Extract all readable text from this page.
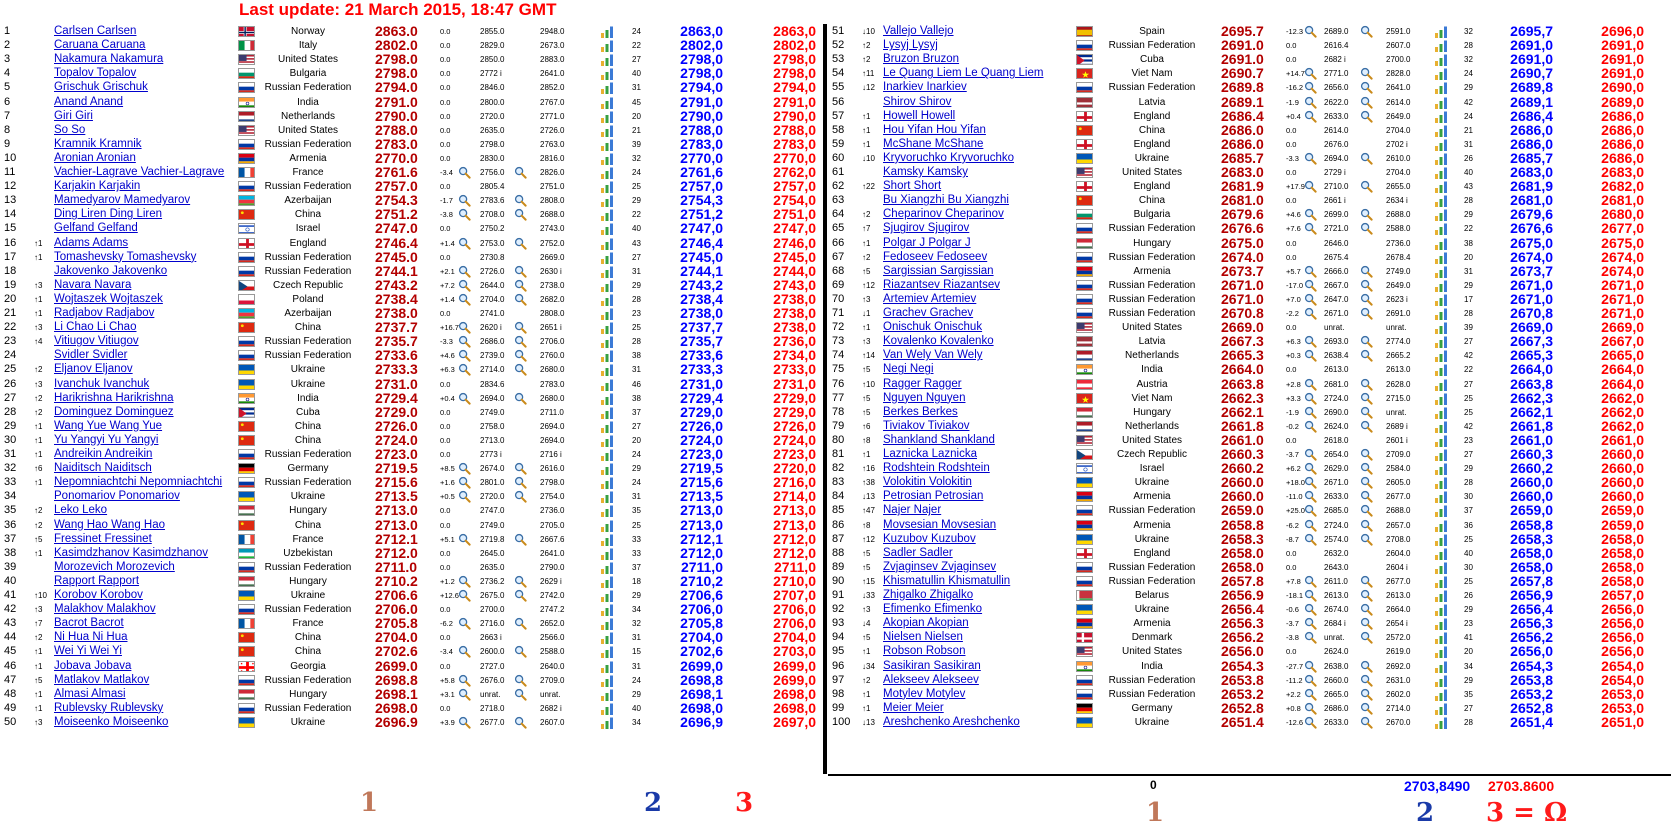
Last update: 21 March 2015, 18:47 GMT
1	Carlsen Carlsen	Norway	2863.0	0.0	2855.0	2948.0	24	2863,0	2863,0
2	Caruana Caruana	Italy	2802.0	0.0	2829.0	2673.0	22	2802,0	2802,0
3	Nakamura Nakamura	United States	2798.0	0.0	2850.0	2883.0	27	2798,0	2798,0
4	Topalov Topalov	Bulgaria	2798.0	0.0	2772 i	2641.0	40	2798,0	2798,0
5	Grischuk Grischuk	Russian Federation	2794.0	0.0	2846.0	2852.0	31	2794,0	2794,0
6	Anand Anand	India	2791.0	0.0	2800.0	2767.0	45	2791,0	2791,0
7	Giri Giri	Netherlands	2790.0	0.0	2720.0	2771.0	20	2790,0	2790,0
8	So So	United States	2788.0	0.0	2635.0	2726.0	21	2788,0	2788,0
9	Kramnik Kramnik	Russian Federation	2783.0	0.0	2798.0	2763.0	39	2783,0	2783,0
10	Aronian Aronian	Armenia	2770.0	0.0	2830.0	2816.0	32	2770,0	2770,0
11	Vachier-Lagrave Vachier-Lagrave	France	2761.6	-3.4	2756.0	2826.0	24	2761,6	2762,0
12	Karjakin Karjakin	Russian Federation	2757.0	0.0	2805.4	2751.0	25	2757,0	2757,0
13	Mamedyarov Mamedyarov	Azerbaijan	2754.3	-1.7	2783.6	2808.0	29	2754,3	2754,0
14	Ding Liren Ding Liren	China	2751.2	-3.8	2708.0	2688.0	22	2751,2	2751,0
15	Gelfand Gelfand	Israel	2747.0	0.0	2750.2	2743.0	40	2747,0	2747,0
16	↑1	Adams Adams	England	2746.4	+1.4	2753.0	2752.0	43	2746,4	2746,0
17	↑1	Tomashevsky Tomashevsky	Russian Federation	2745.0	0.0	2730.8	2669.0	27	2745,0	2745,0
18	Jakovenko Jakovenko	Russian Federation	2744.1	+2.1	2726.0	2630 i	31	2744,1	2744,0
19	↑3	Navara Navara	Czech Republic	2743.2	+7.2	2644.0	2738.0	29	2743,2	2743,0
20	↑1	Wojtaszek Wojtaszek	Poland	2738.4	+1.4	2704.0	2682.0	28	2738,4	2738,0
21	↑1	Radjabov Radjabov	Azerbaijan	2738.0	0.0	2741.0	2808.0	23	2738,0	2738,0
22	↑3	Li Chao Li Chao	China	2737.7	+16.7	2620 i	2651 i	25	2737,7	2738,0
23	↑4	Vitiugov Vitiugov	Russian Federation	2735.7	-3.3	2686.0	2706.0	28	2735,7	2736,0
24	Svidler Svidler	Russian Federation	2733.6	+4.6	2739.0	2760.0	38	2733,6	2734,0
25	↑2	Eljanov Eljanov	Ukraine	2733.3	+6.3	2714.0	2680.0	31	2733,3	2733,0
26	↑3	Ivanchuk Ivanchuk	Ukraine	2731.0	0.0	2834.6	2783.0	46	2731,0	2731,0
27	↑2	Harikrishna Harikrishna	India	2729.4	+0.4	2694.0	2680.0	38	2729,4	2729,0
28	↑2	Dominguez Dominguez	Cuba	2729.0	0.0	2749.0	2711.0	37	2729,0	2729,0
29	↑1	Wang Yue Wang Yue	China	2726.0	0.0	2758.0	2694.0	27	2726,0	2726,0
30	↑1	Yu Yangyi Yu Yangyi	China	2724.0	0.0	2713.0	2694.0	20	2724,0	2724,0
31	↑1	Andreikin Andreikin	Russian Federation	2723.0	0.0	2773 i	2716 i	24	2723,0	2723,0
32	↑6	Naiditsch Naiditsch	Germany	2719.5	+8.5	2674.0	2616.0	29	2719,5	2720,0
33	↑1	Nepomniachtchi Nepomniachtchi	Russian Federation	2715.6	+1.6	2801.0	2798.0	24	2715,6	2716,0
34	Ponomariov Ponomariov	Ukraine	2713.5	+0.5	2720.0	2754.0	31	2713,5	2714,0
35	↑2	Leko Leko	Hungary	2713.0	0.0	2747.0	2736.0	35	2713,0	2713,0
36	↑2	Wang Hao Wang Hao	China	2713.0	0.0	2749.0	2705.0	25	2713,0	2713,0
37	↑5	Fressinet Fressinet	France	2712.1	+5.1	2719.8	2667.6	33	2712,1	2712,0
38	↑1	Kasimdzhanov Kasimdzhanov	Uzbekistan	2712.0	0.0	2645.0	2641.0	33	2712,0	2712,0
39	Morozevich Morozevich	Russian Federation	2711.0	0.0	2635.0	2790.0	37	2711,0	2711,0
40	Rapport Rapport	Hungary	2710.2	+1.2	2736.2	2629 i	18	2710,2	2710,0
41	↑10 Korobov Korobov	Ukraine	2706.6	+12.6	2675.0	2742.0	29	2706,6	2707,0
42	↑3	Malakhov Malakhov	Russian Federation	2706.0	0.0	2700.0	2747.2	34	2706,0	2706,0
43	↑7	Bacrot Bacrot	France	2705.8	-6.2	2716.0	2652.0	32	2705,8	2706,0
44	↑2	Ni Hua Ni Hua	China	2704.0	0.0	2663 i	2566.0	31	2704,0	2704,0
45	↑1	Wei Yi Wei Yi	China	2702.6	-3.4	2600.0	2588.0	15	2702,6	2703,0
46	↑1	Jobava Jobava	Georgia	2699.0	0.0	2727.0	2640.0	31	2699,0	2699,0
47	↑5	Matlakov Matlakov	Russian Federation	2698.8	+5.8	2676.0	2709.0	24	2698,8	2699,0
48	↑1	Almasi Almasi	Hungary	2698.1	+3.1	unrat.	unrat.	29	2698,1	2698,0
49	↑1	Rublevsky Rublevsky	Russian Federation	2698.0	0.0	2718.0	2682 i	40	2698,0	2698,0
50	↑3	Moiseenko Moiseenko	Ukraine	2696.9	+3.9	2677.0	2607.0	34	2696,9	2697,0
51	↓10 Vallejo Vallejo	Spain	2695.7	-12.3	2689.0	2591.0	32	2695,7	2696,0
52	↑2	Lysyj Lysyj	Russian Federation	2691.0	0.0	2616.4	2607.0	28	2691,0	2691,0
53	↑2	Bruzon Bruzon	Cuba	2691.0	0.0	2682 i	2700.0	32	2691,0	2691,0
54	↑11 Le Quang Liem Le Quang Liem	Viet Nam	2690.7	+14.7	2771.0	2828.0	24	2690,7	2691,0
55	↓12 Inarkiev Inarkiev	Russian Federation	2689.8	-16.2	2656.0	2641.0	29	2689,8	2690,0
56	Shirov Shirov	Latvia	2689.1	-1.9	2622.0	2614.0	42	2689,1	2689,0
57	↑1	Howell Howell	England	2686.4	+0.4	2633.0	2649.0	24	2686,4	2686,0
58	↑1	Hou Yifan Hou Yifan	China	2686.0	0.0	2614.0	2704.0	21	2686,0	2686,0
59	↑1	McShane McShane	England	2686.0	0.0	2676.0	2702 i	31	2686,0	2686,0
60	↓10 Kryvoruchko Kryvoruchko	Ukraine	2685.7	-3.3	2694.0	2610.0	26	2685,7	2686,0
61	Kamsky Kamsky	United States	2683.0	0.0	2729 i	2704.0	40	2683,0	2683,0
62	↑22 Short Short	England	2681.9	+17.9	2710.0	2655.0	43	2681,9	2682,0
63	Bu Xiangzhi Bu Xiangzhi	China	2681.0	0.0	2661 i	2634 i	28	2681,0	2681,0
64	↑2	Cheparinov Cheparinov	Bulgaria	2679.6	+4.6	2699.0	2688.0	29	2679,6	2680,0
65	↑7	Sjugirov Sjugirov	Russian Federation	2676.6	+7.6	2721.0	2588.0	22	2676,6	2677,0
66	↑1	Polgar J Polgar J	Hungary	2675.0	0.0	2646.0	2736.0	38	2675,0	2675,0
67	↑2	Fedoseev Fedoseev	Russian Federation	2674.0	0.0	2675.4	2678.4	20	2674,0	2674,0
68	↑5	Sargissian Sargissian	Armenia	2673.7	+5.7	2666.0	2749.0	31	2673,7	2674,0
69	↑12 Riazantsev Riazantsev	Russian Federation	2671.0	-17.0	2667.0	2649.0	29	2671,0	2671,0
70	↑3	Artemiev Artemiev	Russian Federation	2671.0	+7.0	2647.0	2623 i	17	2671,0	2671,0
71	↓1	Grachev Grachev	Russian Federation	2670.8	-2.2	2671.0	2691.0	28	2670,8	2671,0
72	↑1	Onischuk Onischuk	United States	2669.0	0.0	unrat.	unrat.	39	2669,0	2669,0
73	↑3	Kovalenko Kovalenko	Latvia	2667.3	+6.3	2693.0	2774.0	27	2667,3	2667,0
74	↑14 Van Wely Van Wely	Netherlands	2665.3	+0.3	2638.4	2665.2	42	2665,3	2665,0
75	↑5	Negi Negi	India	2664.0	0.0	2613.0	2613.0	22	2664,0	2664,0
76	↑10 Ragger Ragger	Austria	2663.8	+2.8	2681.0	2628.0	27	2663,8	2664,0
77	↑5	Nguyen Nguyen	Viet Nam	2662.3	+3.3	2724.0	2715.0	25	2662,3	2662,0
78	↑5	Berkes Berkes	Hungary	2662.1	-1.9	2690.0	unrat.	25	2662,1	2662,0
79	↑6	Tiviakov Tiviakov	Netherlands	2661.8	-0.2	2624.0	2689 i	42	2661,8	2662,0
80	↑8	Shankland Shankland	United States	2661.0	0.0	2618.0	2601 i	23	2661,0	2661,0
81	↑1	Laznicka Laznicka	Czech Republic	2660.3	-3.7	2654.0	2709.0	27	2660,3	2660,0
82	↑16 Rodshtein Rodshtein	Israel	2660.2	+6.2	2629.0	2584.0	29	2660,2	2660,0
83	↑38 Volokitin Volokitin	Ukraine	2660.0	+18.0	2671.0	2605.0	28	2660,0	2660,0
84	↓13 Petrosian Petrosian	Armenia	2660.0	-11.0	2633.0	2677.0	30	2660,0	2660,0
85	↑47 Najer Najer	Russian Federation	2659.0	+25.0	2685.0	2688.0	37	2659,0	2659,0
86	↑8	Movsesian Movsesian	Armenia	2658.8	-6.2	2724.0	2657.0	36	2658,8	2659,0
87	↑12 Kuzubov Kuzubov	Ukraine	2658.3	-8.7	2574.0	2708.0	25	2658,3	2658,0
88	↑5	Sadler Sadler	England	2658.0	0.0	2632.0	2604.0	40	2658,0	2658,0
89	↑5	Zvjaginsev Zvjaginsev	Russian Federation	2658.0	0.0	2643.0	2604 i	30	2658,0	2658,0
90	↑15 Khismatullin Khismatullin	Russian Federation	2657.8	+7.8	2611.0	2677.0	25	2657,8	2658,0
91	↓33 Zhigalko Zhigalko	Belarus	2656.9	-18.1	2613.0	2613.0	26	2656,9	2657,0
92	↑3	Efimenko Efimenko	Ukraine	2656.4	-0.6	2674.0	2664.0	29	2656,4	2656,0
93	↓4	Akopian Akopian	Armenia	2656.3	-3.7	2684 i	2654 i	23	2656,3	2656,0
94	↑5	Nielsen Nielsen	Denmark	2656.2	-3.8	unrat.	2572.0	41	2656,2	2656,0
95	↑1	Robson Robson	United States	2656.0	0.0	2624.0	2619.0	20	2656,0	2656,0
96	↓34 Sasikiran Sasikiran	India	2654.3	-27.7	2638.0	2692.0	34	2654,3	2654,0
97	↑2	Alekseev Alekseev	Russian Federation	2653.8	-11.2	2660.0	2631.0	29	2653,8	2654,0
98	↑1	Motylev Motylev	Russian Federation	2653.2	+2.2	2665.0	2602.0	35	2653,2	2653,0
99	↑1	Meier Meier	Germany	2652.8	+0.8	2686.0	2714.0	27	2652,8	2653,0
100	↓13 Areshchenko Areshchenko	Ukraine	2651.4	-12.6	2633.0	2670.0	28	2651,4	2651,0
1	2	3
0
1
2703,8490 2703.8600
2 3 = Ω
